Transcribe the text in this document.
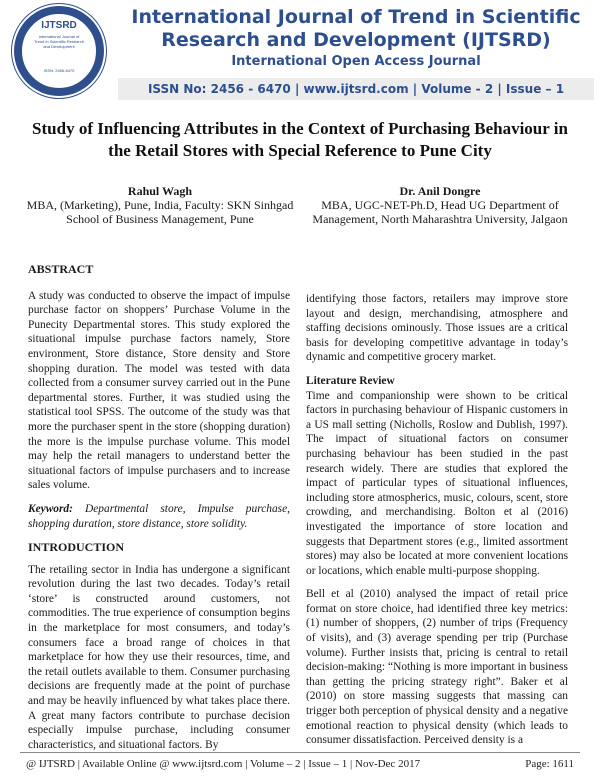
IJTSRD
International Journal of Trend in Scientific Research and Development
ISSN: 2456-6470
International Journal of Trend in Scientific Research and Development (IJTSRD)
International Open Access Journal
ISSN No: 2456 - 6470 | www.ijtsrd.com | Volume - 2 | Issue – 1
Study of Influencing Attributes in the Context of Purchasing Behaviour in the Retail Stores with Special Reference to Pune City
Rahul Wagh
MBA, (Marketing), Pune, India, Faculty: SKN Sinhgad School of Business Management, Pune
Dr. Anil Dongre
MBA, UGC-NET-Ph.D, Head UG Department of Management, North Maharashtra University, Jalgaon
ABSTRACT

A study was conducted to observe the impact of impulse purchase factor on shoppers’ Purchase Volume in the Punecity Departmental stores. This study explored the situational impulse purchase factors namely, Store environment, Store distance, Store density and Store shopping duration. The model was tested with data collected from a consumer survey carried out in the Pune departmental stores. Further, it was studied using the statistical tool SPSS. The outcome of the study was that more the purchaser spent in the store (shopping duration) the more is the impulse purchase volume. This model may help the retail managers to understand better the situational factors of impulse purchasers and to increase sales volume.

Keyword: Departmental store, Impulse purchase, shopping duration, store distance, store solidity.

INTRODUCTION

The retailing sector in India has undergone a significant revolution during the last two decades. Today’s retail ‘store’ is constructed around customers, not commodities. The true experience of consumption begins in the marketplace for most consumers, and today’s consumers face a broad range of choices in that marketplace for how they use their resources, time, and the retail outlets available to them. Consumer purchasing decisions are frequently made at the point of purchase and may be heavily influenced by what takes place there. A great many factors contribute to purchase decision especially impulse purchase, including consumer characteristics, and situational factors. By

identifying those factors, retailers may improve store layout and design, merchandising, atmosphere and staffing decisions ominously. Those issues are a critical basis for developing competitive advantage in today’s dynamic and competitive grocery market.

Literature Review

Time and companionship were shown to be critical factors in purchasing behaviour of Hispanic customers in a US mall setting (Nicholls, Roslow and Dublish, 1997). The impact of situational factors on consumer purchasing behaviour has been studied in the past research widely. There are studies that explored the impact of particular types of situational influences, including store atmospherics, music, colours, scent, store crowding, and merchandising. Bolton et al (2016) investigated the importance of store location and suggests that Department stores (e.g., limited assortment stores) may also be located at more convenient locations or locations, which enable multi-purpose shopping.

Bell et al (2010) analysed the impact of retail price format on store choice, had identified three key metrics: (1) number of shoppers, (2) number of trips (Frequency of visits), and (3) average spending per trip (Purchase volume). Further insists that, pricing is central to retail decision-making: “Nothing is more important in business than getting the pricing strategy right”. Baker et al (2010) on store massing suggests that massing can trigger both perception of physical density and a negative emotional reaction to physical density (which leads to consumer dissatisfaction. Perceived density is a

@ IJTSRD | Available Online @ www.ijtsrd.com | Volume – 2 | Issue – 1 | Nov-Dec 2017	Page: 1611
